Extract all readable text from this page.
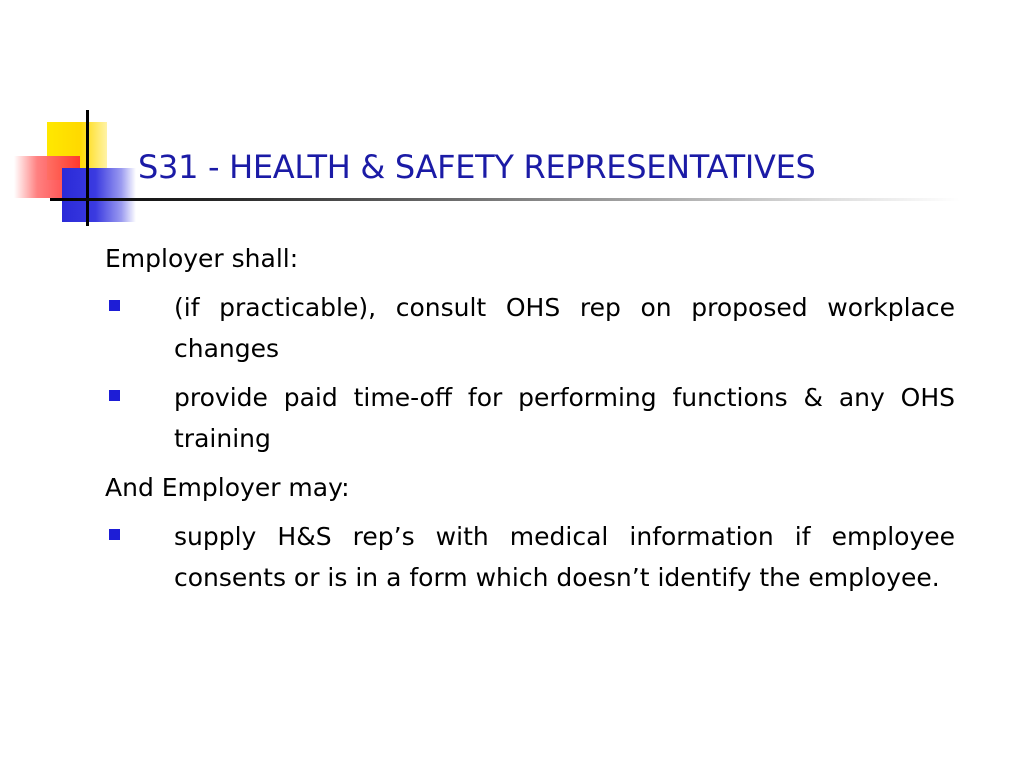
S31 - HEALTH & SAFETY REPRESENTATIVES
Employer shall:
(if practicable), consult OHS rep on proposed workplace changes
provide paid time-off for performing functions & any OHS training
And Employer may:
supply H&S rep’s with medical information if employee consents or is in a form which doesn’t identify the employee.
